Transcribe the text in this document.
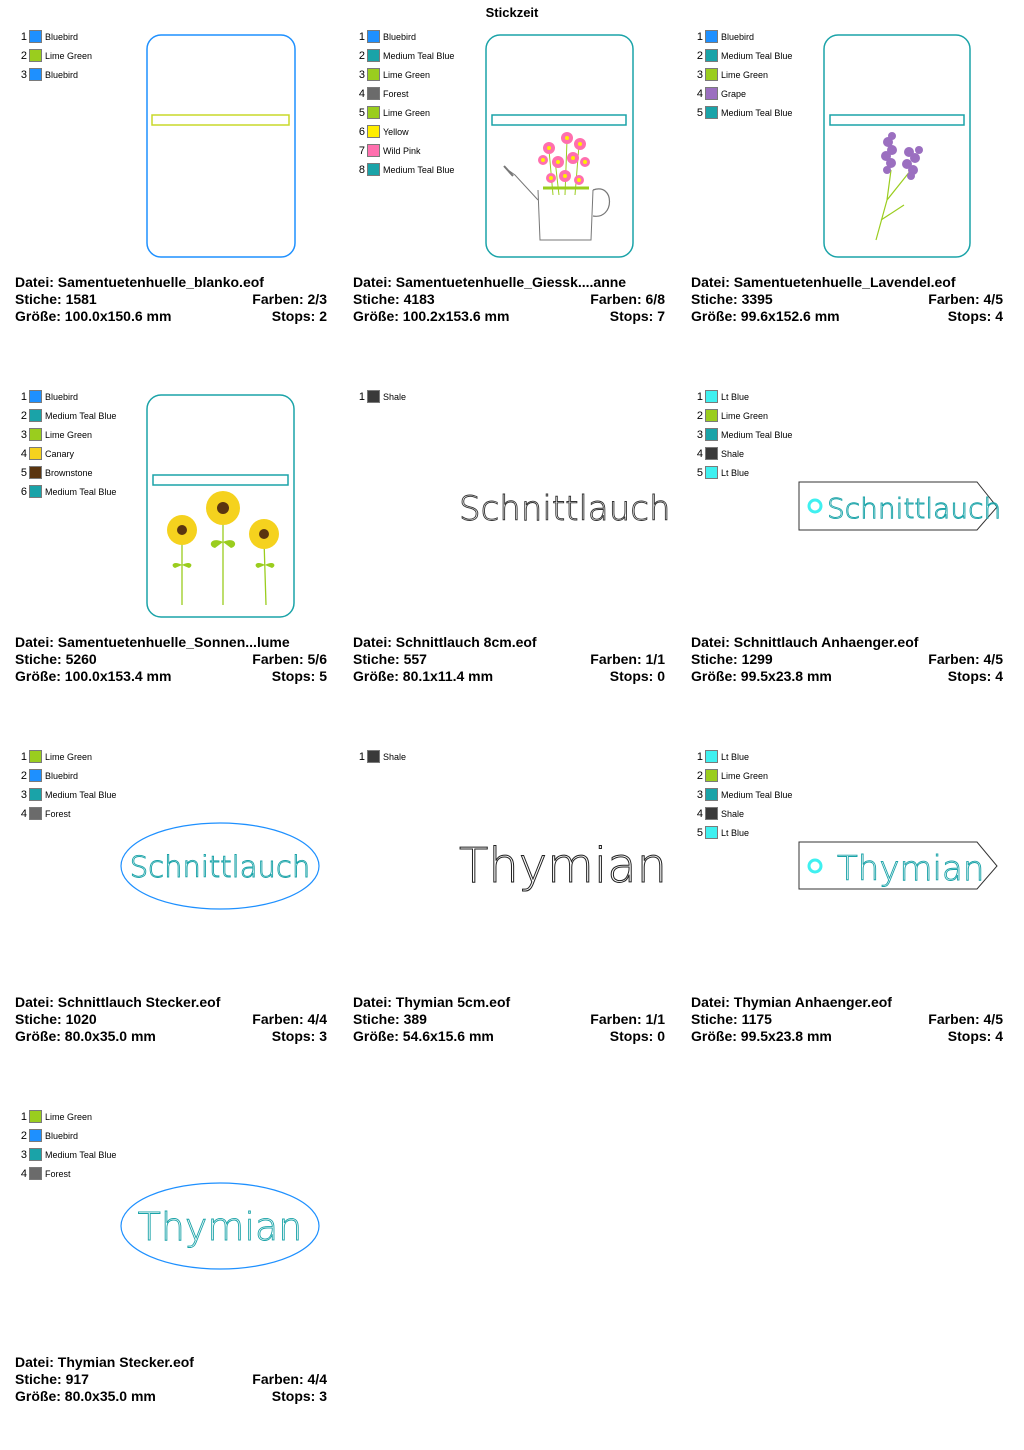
Stickzeit
1 Bluebird
2 Lime Green
3 Bluebird
Datei: Samentuetenhuelle_blanko.eof
Stiche: 1581	Farben: 2/3
Größe: 100.0x150.6 mm	Stops: 2
1 Bluebird
2 Medium Teal Blue
3 Lime Green
4 Forest
5 Lime Green
6 Yellow
7 Wild Pink
8 Medium Teal Blue
Datei: Samentuetenhuelle_Giessk....anne
Stiche: 4183	Farben: 6/8
Größe: 100.2x153.6 mm	Stops: 7
1 Bluebird
2 Medium Teal Blue
3 Lime Green
4 Grape
5 Medium Teal Blue
Datei: Samentuetenhuelle_Lavendel.eof
Stiche: 3395	Farben: 4/5
Größe: 99.6x152.6 mm	Stops: 4
1 Bluebird
2 Medium Teal Blue
3 Lime Green
4 Canary
5 Brownstone
6 Medium Teal Blue
Datei: Samentuetenhuelle_Sonnen...lume
Stiche: 5260	Farben: 5/6
Größe: 100.0x153.4 mm	Stops: 5
Schnittlauch
1 Shale
Datei: Schnittlauch 8cm.eof
Stiche: 557	Farben: 1/1
Größe: 80.1x11.4 mm	Stops: 0
Schnittlauch
1 Lt Blue
2 Lime Green
3 Medium Teal Blue
4 Shale
5 Lt Blue
Datei: Schnittlauch Anhaenger.eof
Stiche: 1299	Farben: 4/5
Größe: 99.5x23.8 mm	Stops: 4
Schnittlauch
1 Lime Green
2 Bluebird
3 Medium Teal Blue
4 Forest
Datei: Schnittlauch Stecker.eof
Stiche: 1020	Farben: 4/4
Größe: 80.0x35.0 mm	Stops: 3
Thymian
1 Shale
Datei: Thymian 5cm.eof
Stiche: 389	Farben: 1/1
Größe: 54.6x15.6 mm	Stops: 0
Thymian
1 Lt Blue
2 Lime Green
3 Medium Teal Blue
4 Shale
5 Lt Blue
Datei: Thymian Anhaenger.eof
Stiche: 1175	Farben: 4/5
Größe: 99.5x23.8 mm	Stops: 4
Thymian
1 Lime Green
2 Bluebird
3 Medium Teal Blue
4 Forest
Datei: Thymian Stecker.eof
Stiche: 917	Farben: 4/4
Größe: 80.0x35.0 mm	Stops: 3
